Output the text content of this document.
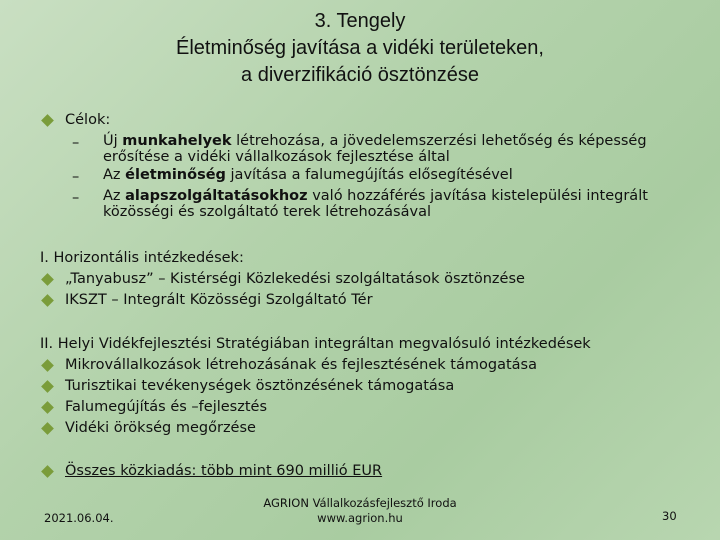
3. Tengely
Életminőség javítása a vidéki területeken,
a diverzifikáció ösztönzése
Célok:
–	Új munkahelyek létrehozása, a jövedelemszerzési lehetőség és képesség erősítése a vidéki vállalkozások fejlesztése által
–	Az életminőség javítása a falumegújítás elősegítésével
–	Az alapszolgáltatásokhoz való hozzáférés javítása kistelepülési integrált közösségi és szolgáltató terek létrehozásával
I. Horizontális intézkedések:
„Tanyabusz” – Kistérségi Közlekedési szolgáltatások ösztönzése
IKSZT – Integrált Közösségi Szolgáltató Tér
II. Helyi Vidékfejlesztési Stratégiában integráltan megvalósuló intézkedések
Mikrovállalkozások létrehozásának és fejlesztésének támogatása
Turisztikai tevékenységek ösztönzésének támogatása
Falumegújítás és –fejlesztés
Vidéki örökség megőrzése
Összes közkiadás: több mint 690 millió EUR
2021.06.04.
AGRION Vállalkozásfejlesztő Iroda
www.agrion.hu	30
